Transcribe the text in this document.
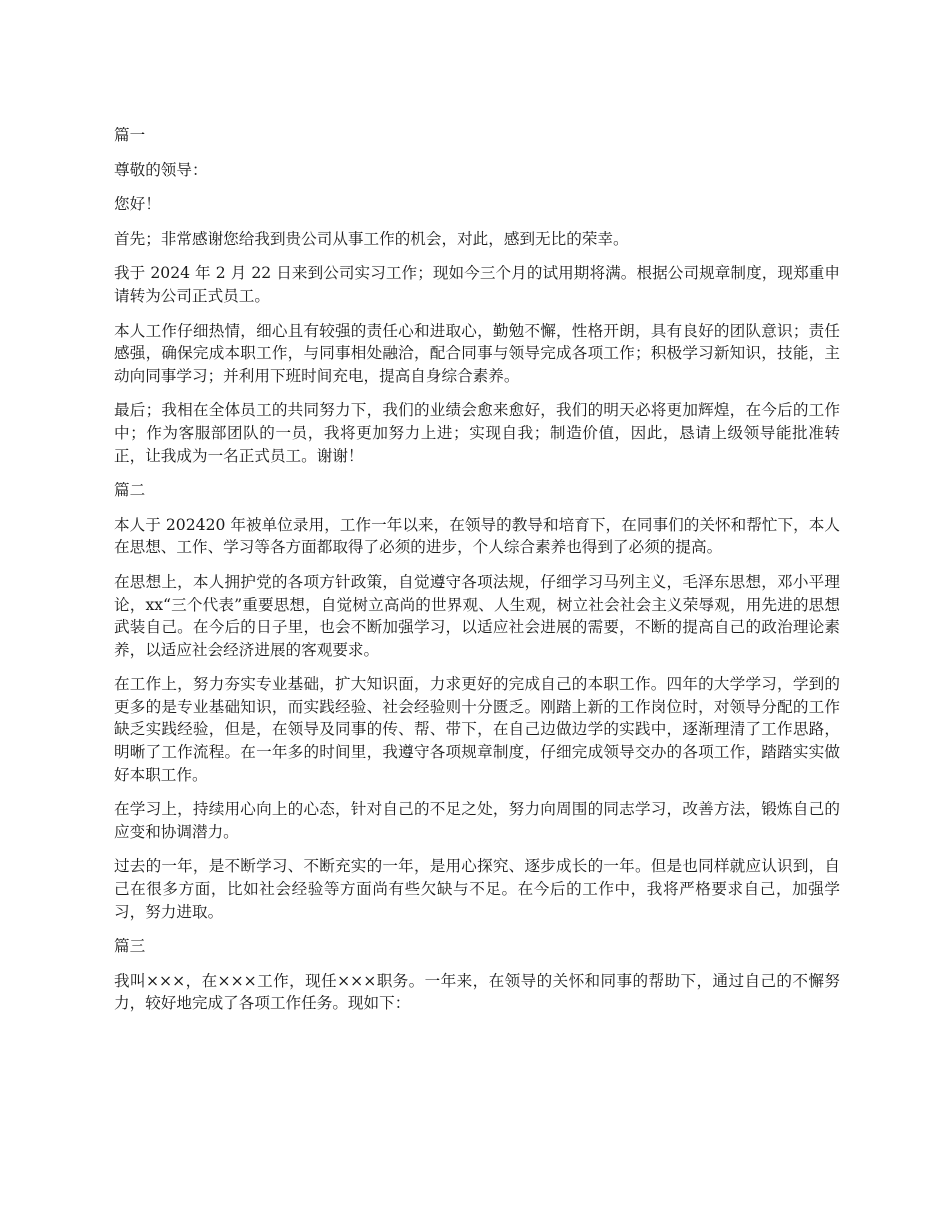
篇一
尊敬的领导：
您好！
首先；非常感谢您给我到贵公司从事工作的机会，对此，感到无比的荣幸。
我于 2024 年 2 月 22 日来到公司实习工作；现如今三个月的试用期将满。根据公司规章制度，现郑重申请转为公司正式员工。
本人工作仔细热情，细心且有较强的责任心和进取心，勤勉不懈，性格开朗，具有良好的团队意识；责任感强，确保完成本职工作，与同事相处融洽，配合同事与领导完成各项工作；积极学习新知识，技能，主动向同事学习；并利用下班时间充电，提高自身综合素养。
最后；我相在全体员工的共同努力下，我们的业绩会愈来愈好，我们的明天必将更加辉煌，在今后的工作中；作为客服部团队的一员，我将更加努力上进；实现自我；制造价值，因此，恳请上级领导能批准转正，让我成为一名正式员工。谢谢！
篇二
本人于 202420 年被单位录用，工作一年以来，在领导的教导和培育下，在同事们的关怀和帮忙下，本人在思想、工作、学习等各方面都取得了必须的进步，个人综合素养也得到了必须的提高。
在思想上，本人拥护党的各项方针政策，自觉遵守各项法规，仔细学习马列主义，毛泽东思想，邓小平理论，xx“三个代表”重要思想，自觉树立高尚的世界观、人生观，树立社会社会主义荣辱观，用先进的思想武装自己。在今后的日子里，也会不断加强学习，以适应社会进展的需要，不断的提高自己的政治理论素养，以适应社会经济进展的客观要求。
在工作上，努力夯实专业基础，扩大知识面，力求更好的完成自己的本职工作。四年的大学学习，学到的更多的是专业基础知识，而实践经验、社会经验则十分匮乏。刚踏上新的工作岗位时，对领导分配的工作缺乏实践经验，但是，在领导及同事的传、帮、带下，在自己边做边学的实践中，逐渐理清了工作思路，明晰了工作流程。在一年多的时间里，我遵守各项规章制度，仔细完成领导交办的各项工作，踏踏实实做好本职工作。
在学习上，持续用心向上的心态，针对自己的不足之处，努力向周围的同志学习，改善方法，锻炼自己的应变和协调潜力。
过去的一年，是不断学习、不断充实的一年，是用心探究、逐步成长的一年。但是也同样就应认识到，自己在很多方面，比如社会经验等方面尚有些欠缺与不足。在今后的工作中，我将严格要求自己，加强学习，努力进取。
篇三
我叫×××，在×××工作，现任×××职务。一年来，在领导的关怀和同事的帮助下，通过自己的不懈努力，较好地完成了各项工作任务。现如下：
